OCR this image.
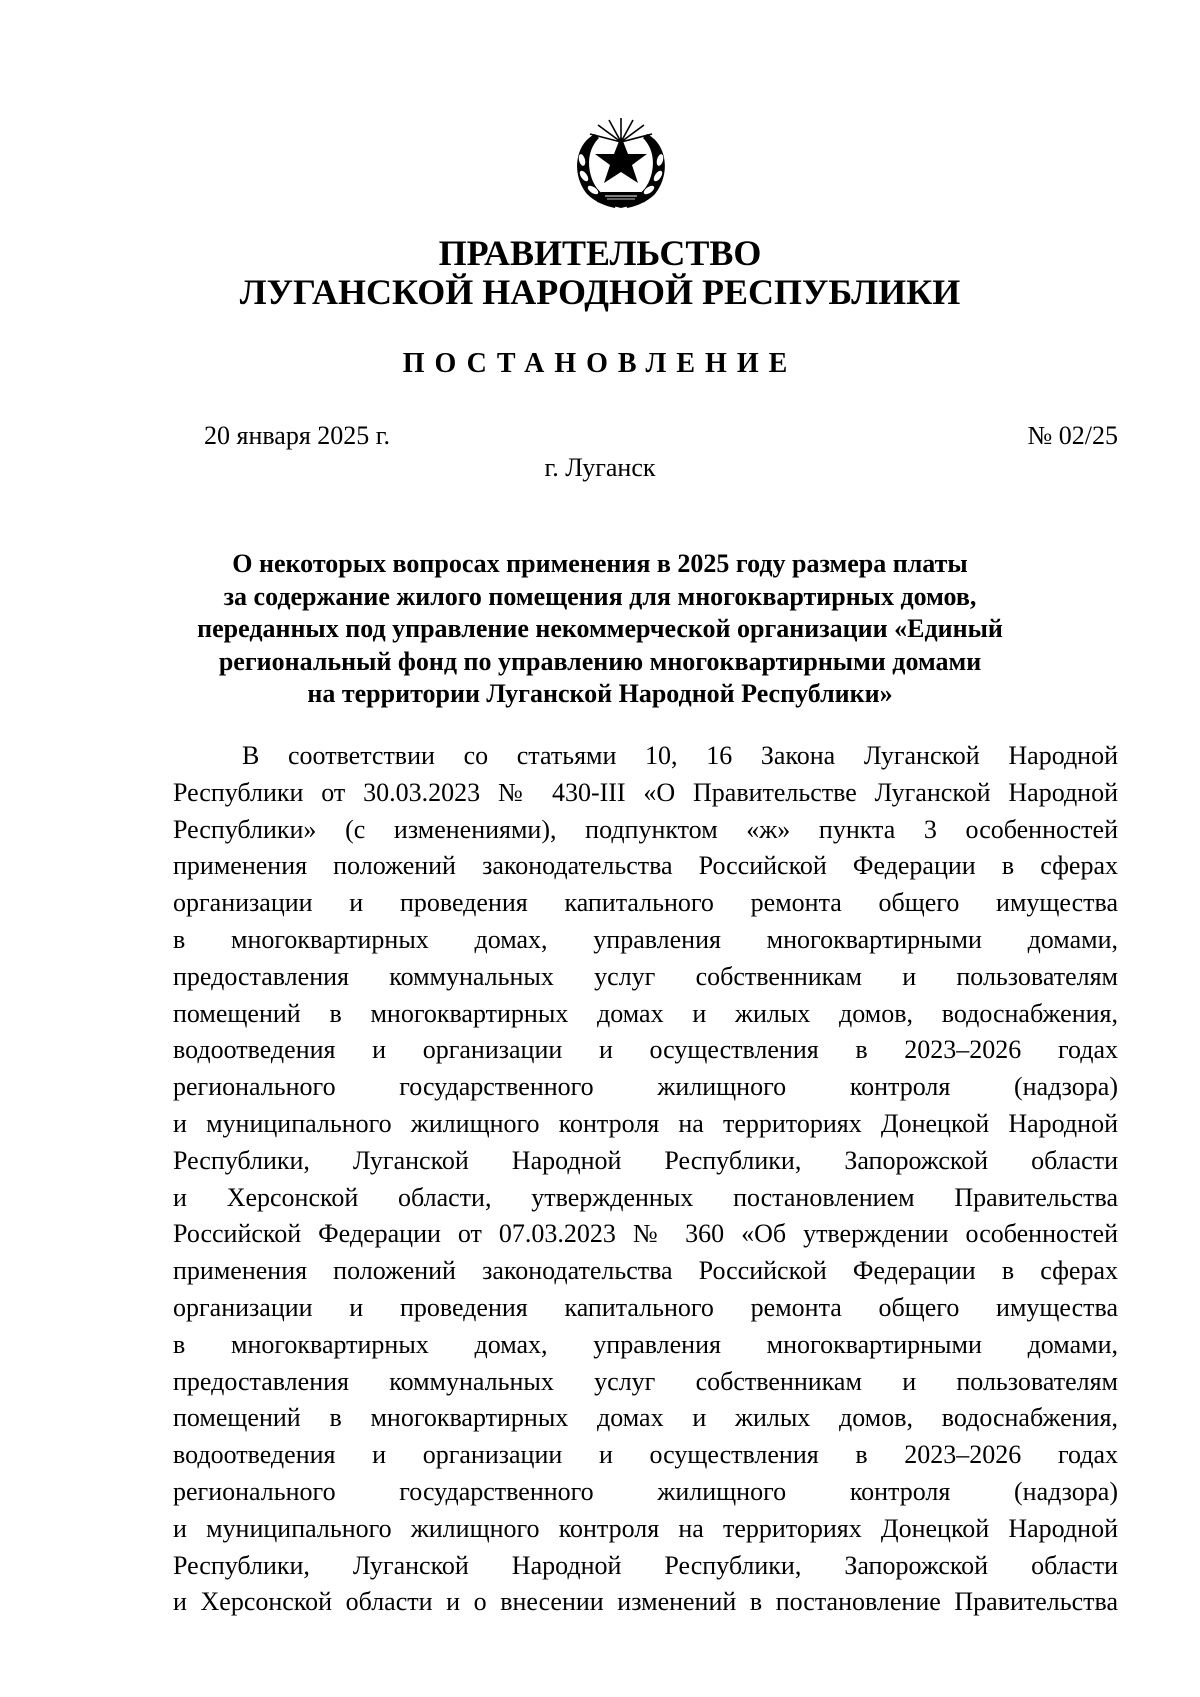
ПРАВИТЕЛЬСТВО
ЛУГАНСКОЙ НАРОДНОЙ РЕСПУБЛИКИ
ПОСТАНОВЛЕНИЕ
20 января 2025 г.	№ 02/25
г. Луганск
О некоторых вопросах применения в 2025 году размера платы
за содержание жилого помещения для многоквартирных домов,
переданных под управление некоммерческой организации «Единый
региональный фонд по управлению многоквартирными домами
на территории Луганской Народной Республики»
В соответствии со статьями 10, 16 Закона Луганской Народной
Республики от 30.03.2023 № 430-III «О Правительстве Луганской Народной
Республики» (с изменениями), подпунктом «ж» пункта 3 особенностей
применения положений законодательства Российской Федерации в сферах
организации и проведения капитального ремонта общего имущества
в многоквартирных домах, управления многоквартирными домами,
предоставления коммунальных услуг собственникам и пользователям
помещений в многоквартирных домах и жилых домов, водоснабжения,
водоотведения и организации и осуществления в 2023–2026 годах
регионального государственного жилищного контроля (надзора)
и муниципального жилищного контроля на территориях Донецкой Народной
Республики, Луганской Народной Республики, Запорожской области
и Херсонской области, утвержденных постановлением Правительства
Российской Федерации от 07.03.2023 № 360 «Об утверждении особенностей
применения положений законодательства Российской Федерации в сферах
организации и проведения капитального ремонта общего имущества
в многоквартирных домах, управления многоквартирными домами,
предоставления коммунальных услуг собственникам и пользователям
помещений в многоквартирных домах и жилых домов, водоснабжения,
водоотведения и организации и осуществления в 2023–2026 годах
регионального государственного жилищного контроля (надзора)
и муниципального жилищного контроля на территориях Донецкой Народной
Республики, Луганской Народной Республики, Запорожской области
и Херсонской области и о внесении изменений в постановление Правительства
